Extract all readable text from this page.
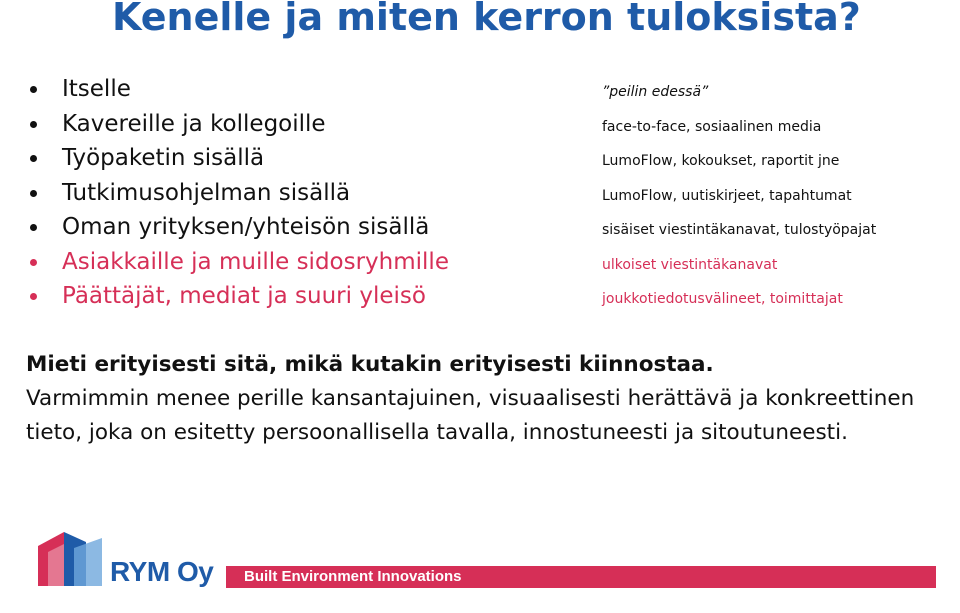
Kenelle ja miten kerron tuloksista?
Itselle
Kavereille ja kollegoille
Työpaketin sisällä
Tutkimusohjelman sisällä
Oman yrityksen/yhteisön sisällä
Asiakkaille ja muille sidosryhmille
Päättäjät, mediat ja suuri yleisö
”peilin edessä”
face-to-face, sosiaalinen media
LumoFlow, kokoukset, raportit jne
LumoFlow, uutiskirjeet, tapahtumat
sisäiset viestintäkanavat, tulostyöpajat
ulkoiset viestintäkanavat
joukkotiedotusvälineet, toimittajat

Mieti erityisesti sitä, mikä kutakin erityisesti kiinnostaa.
Varmimmin menee perille kansantajuinen, visuaalisesti herättävä ja konkreettinen tieto, joka on esitetty persoonallisella tavalla, innostuneesti ja sitoutuneesti.

RYM Oy Built Environment Innovations
